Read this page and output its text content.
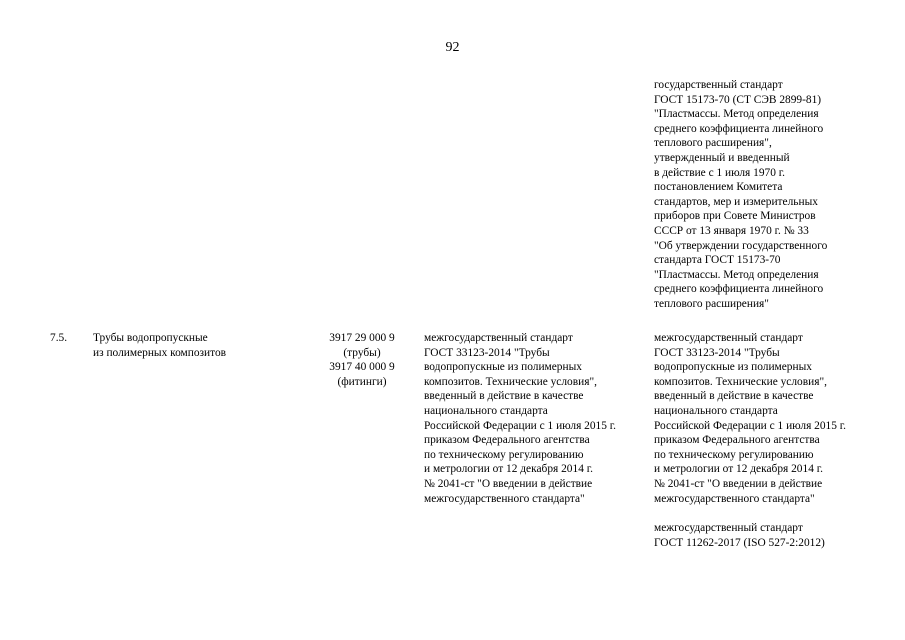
92
государственный стандарт
ГОСТ 15173-70 (СТ СЭВ 2899-81)
"Пластмассы. Метод определения
среднего коэффициента линейного
теплового расширения",
утвержденный и введенный
в действие с 1 июля 1970 г.
постановлением Комитета
стандартов, мер и измерительных
приборов при Совете Министров
СССР от 13 января 1970 г. № 33
"Об утверждении государственного
стандарта ГОСТ 15173-70
"Пластмассы. Метод определения
среднего коэффициента линейного
теплового расширения"
7.5. Трубы водопропускные
из полимерных композитов
3917 29 000 9
(трубы)
3917 40 000 9
(фитинги)
межгосударственный стандарт
ГОСТ 33123-2014 "Трубы
водопропускные из полимерных
композитов. Технические условия",
введенный в действие в качестве
национального стандарта
Российской Федерации с 1 июля 2015 г.
приказом Федерального агентства
по техническому регулированию
и метрологии от 12 декабря 2014 г.
№ 2041-ст "О введении в действие
межгосударственного стандарта"
межгосударственный стандарт
ГОСТ 33123-2014 "Трубы
водопропускные из полимерных
композитов. Технические условия",
введенный в действие в качестве
национального стандарта
Российской Федерации с 1 июля 2015 г.
приказом Федерального агентства
по техническому регулированию
и метрологии от 12 декабря 2014 г.
№ 2041-ст "О введении в действие
межгосударственного стандарта"
межгосударственный стандарт
ГОСТ 11262-2017 (ISO 527-2:2012)
